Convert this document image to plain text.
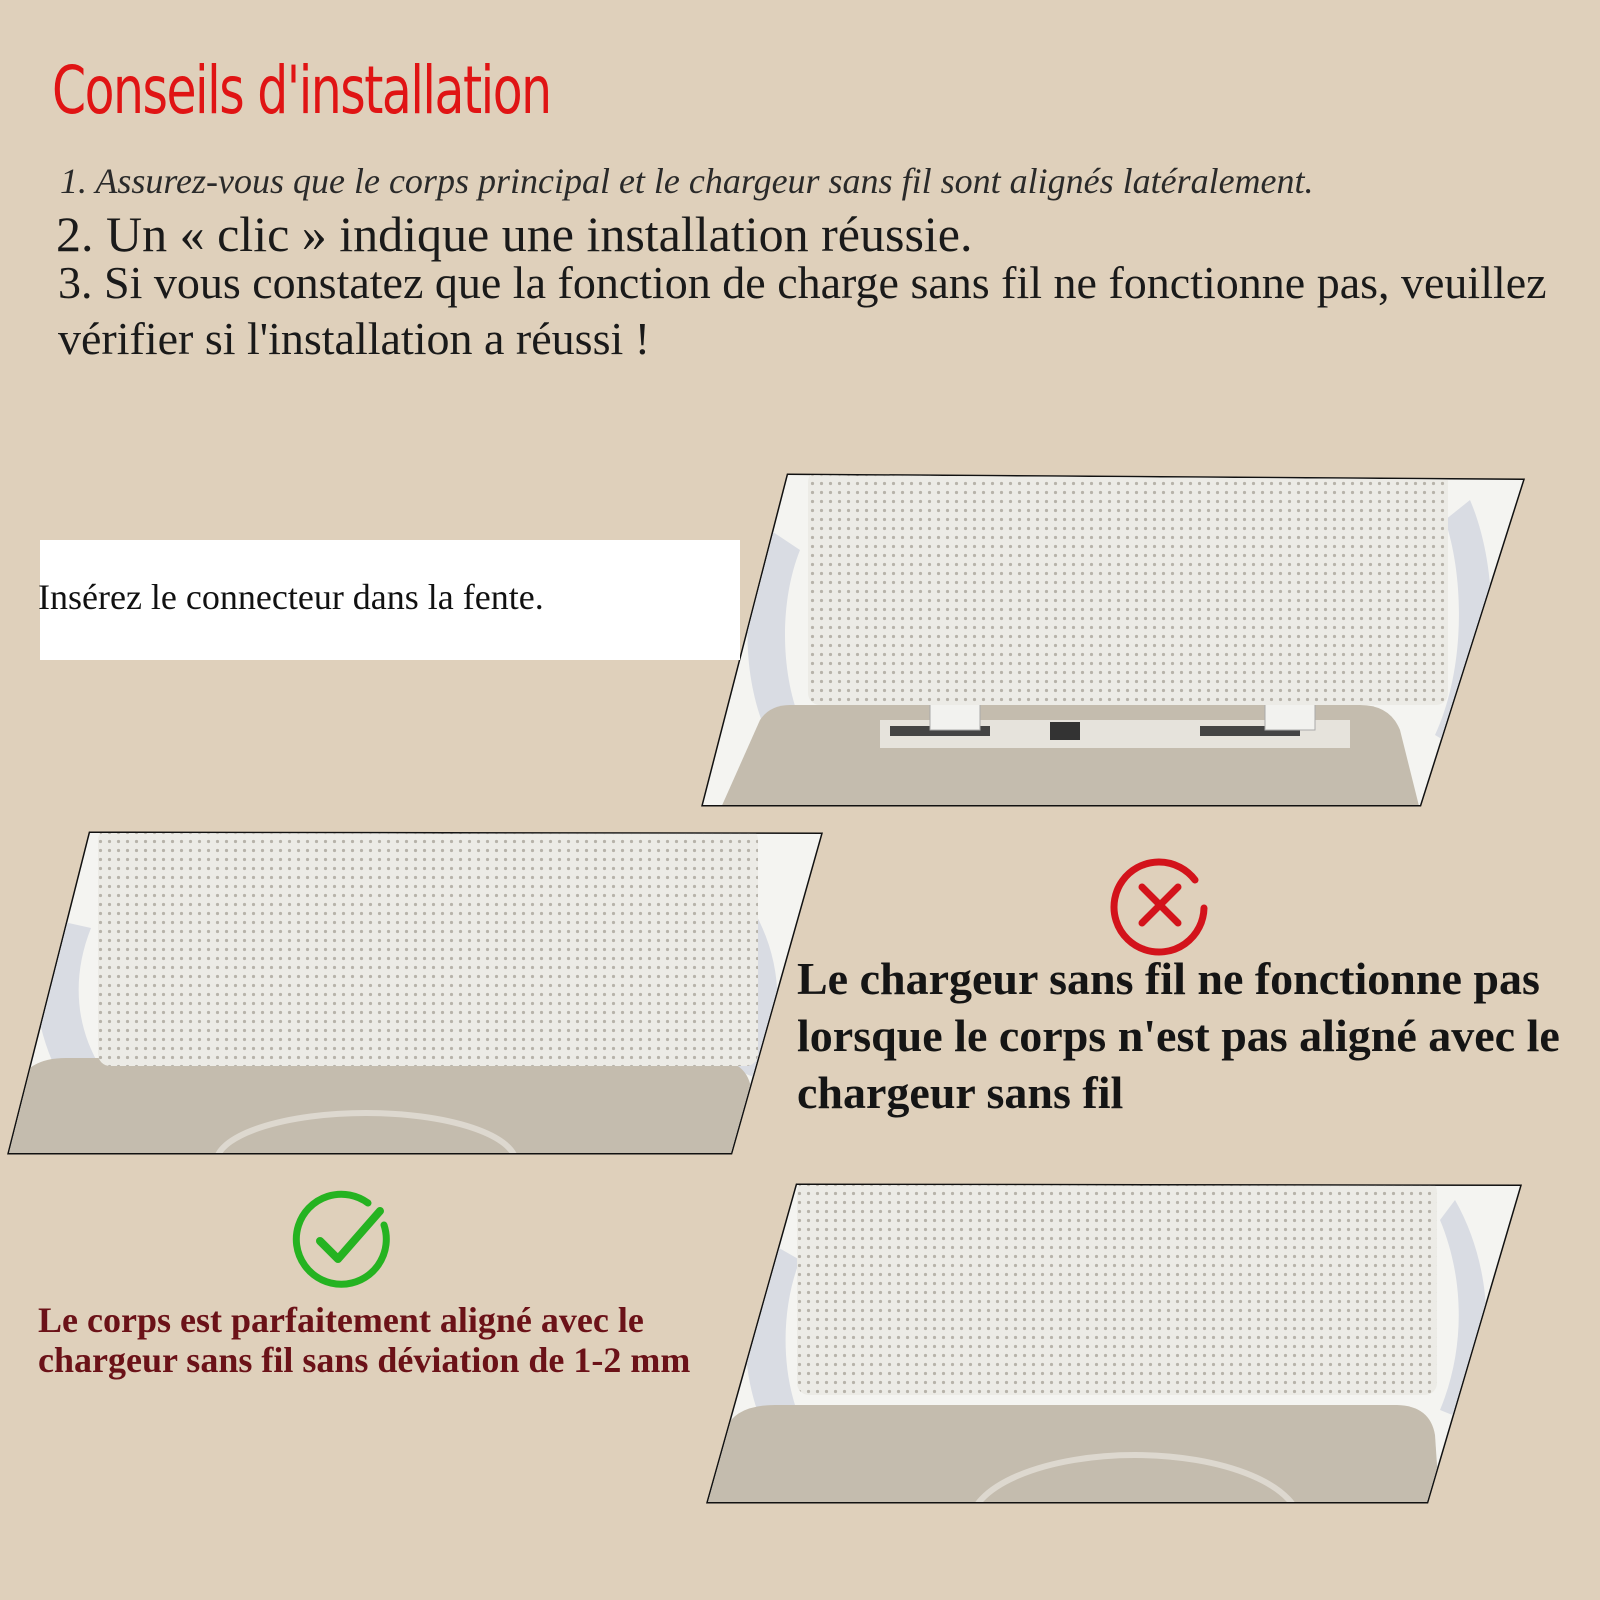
Conseils d'installation
1. Assurez-vous que le corps principal et le chargeur sans fil sont alignés latéralement.
2. Un « clic » indique une installation réussie.
3. Si vous constatez que la fonction de charge sans fil ne fonctionne pas, veuillez vérifier si l'installation a réussi !
Insérez le connecteur dans la fente.
Le chargeur sans fil ne fonctionne pas lorsque le corps n'est pas aligné avec le chargeur sans fil
Le corps est parfaitement aligné avec le chargeur sans fil sans déviation de 1-2 mm
